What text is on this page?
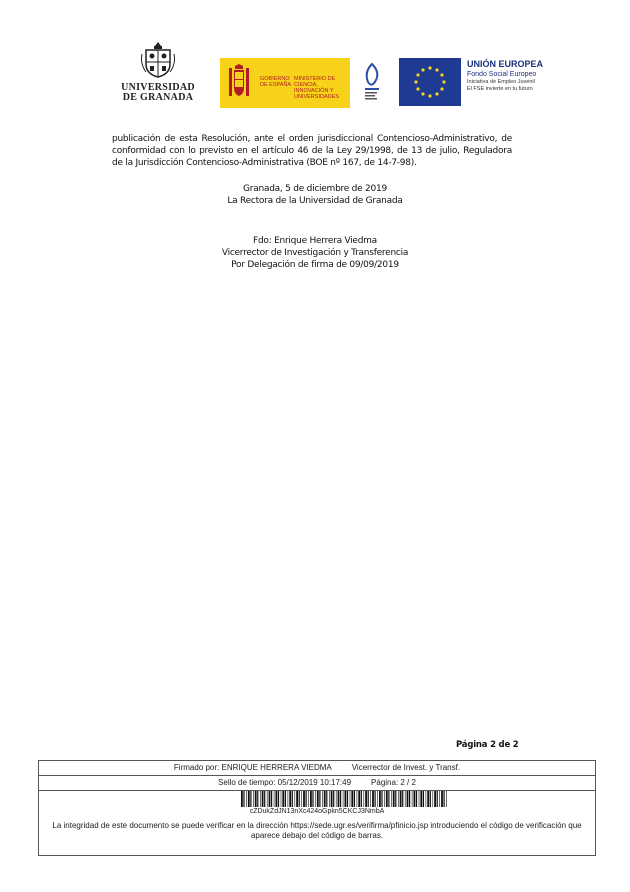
UNIVERSIDAD
DE GRANADA
GOBIERNO DE ESPAÑA
MINISTERIO DE CIENCIA, INNOVACIÓN Y UNIVERSIDADES
UNIÓN EUROPEA
Fondo Social Europeo
Iniciativa de Empleo Juvenil
El FSE invierte en tu futuro
publicación de esta Resolución, ante el orden jurisdiccional Contencioso-Administrativo, de conformidad con lo previsto en el artículo 46 de la Ley 29/1998, de 13 de julio, Reguladora de la Jurisdicción Contencioso-Administrativa (BOE nº 167, de 14-7-98).
Granada, 5 de diciembre de 2019
La Rectora de la Universidad de Granada
Fdo: Enrique Herrera Viedma
Vicerrector de Investigación y Transferencia
Por Delegación de firma de 09/09/2019
Página 2 de 2
Firmado por: ENRIQUE HERRERA VIEDMA	Vicerrector de Invest. y Transf.
Sello de tiempo: 05/12/2019 10:17:49	Página: 2 / 2
cZDukZdJN13nXc424oGpkn5CKCJ3NmbA
La integridad de este documento se puede verificar en la dirección https://sede.ugr.es/verifirma/pfinicio.jsp introduciendo el código de verificación que aparece debajo del código de barras.
